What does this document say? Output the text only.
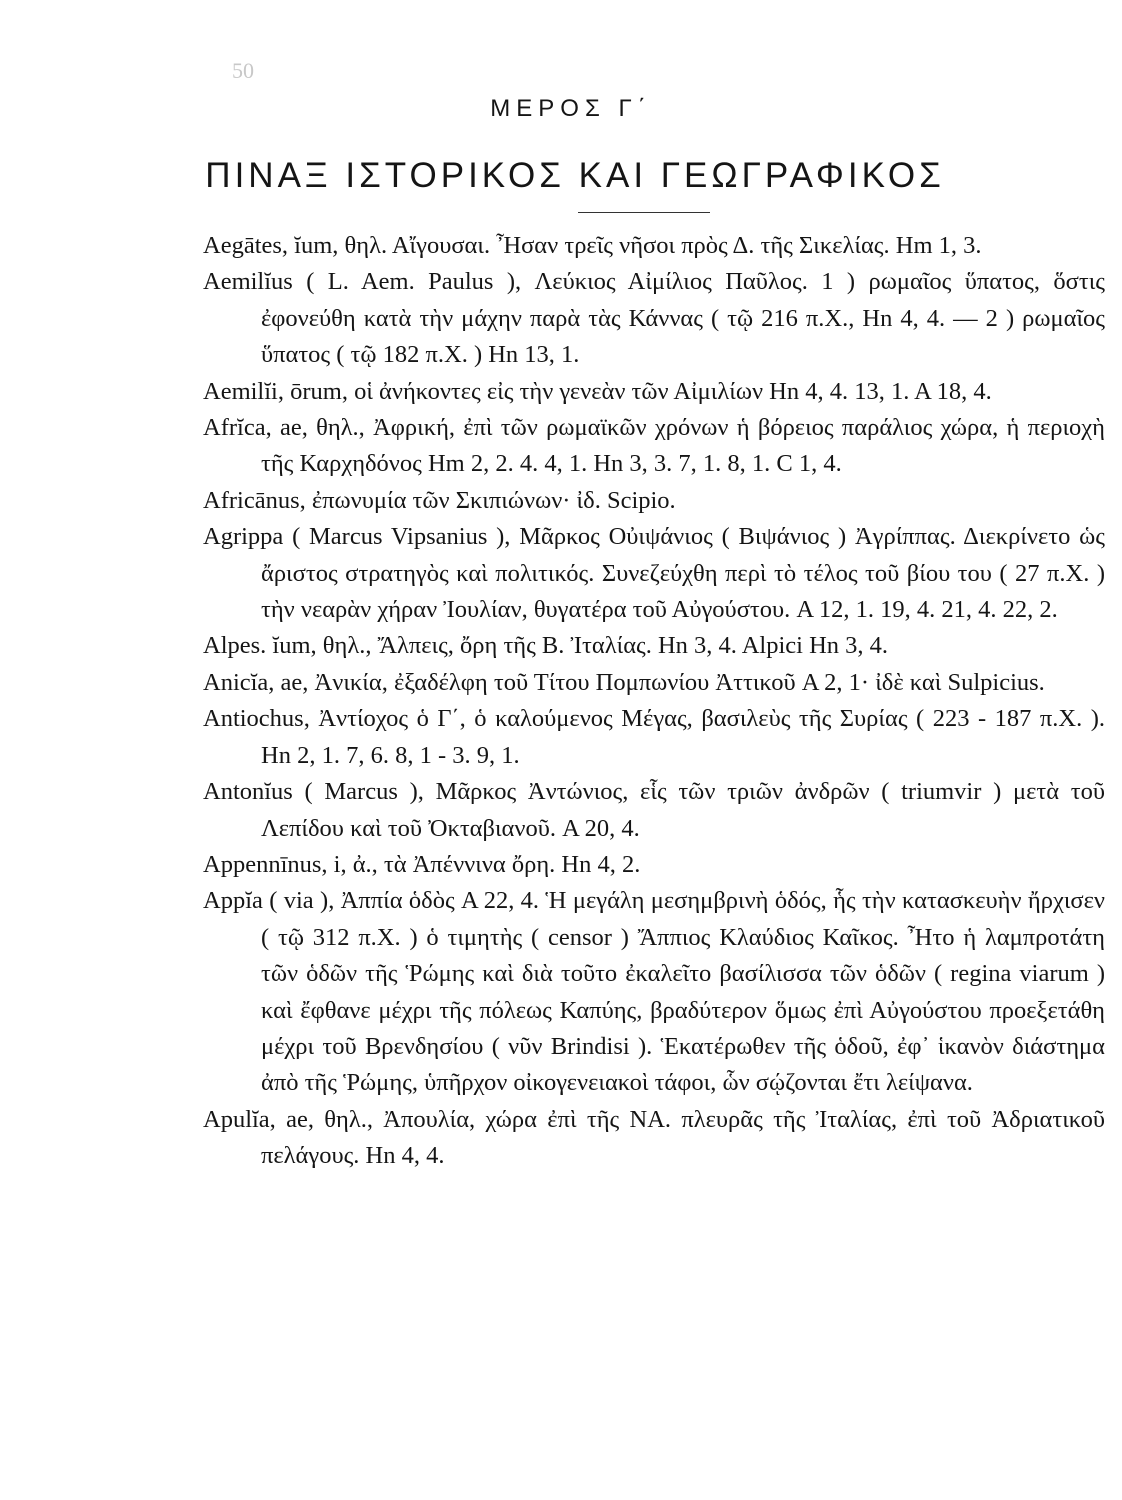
50
ΜΕΡΟΣ Γ΄
ΠΙΝΑΞ ΙΣΤΟΡΙΚΟΣ ΚΑΙ ΓΕΩΓΡΑΦΙΚΟΣ

Aegātes, ĭum, θηλ. Αἴγουσαι. Ἦσαν τρεῖς νῆσοι πρὸς Δ. τῆς Σικελίας. Hm 1, 3.

Aemilĭus ( L. Aem. Paulus ), Λεύκιος Αἰμίλιος Παῦλος. 1 ) ρωμαῖος ὕπατος, ὅστις ἐφονεύθη κατὰ τὴν μάχην παρὰ τὰς Κάννας ( τῷ 216 π.Χ., Hn 4, 4. — 2 ) ρωμαῖος ὕπατος ( τῷ 182 π.Χ. ) Hn 13, 1.

Aemilĭi, ōrum, οἱ ἀνήκοντες εἰς τὴν γενεὰν τῶν Αἰμιλίων Hn 4, 4. 13, 1. A 18, 4.

Afrĭca, ae, θηλ., Ἀφρική, ἐπὶ τῶν ρωμαϊκῶν χρόνων ἡ βόρειος παράλιος χώρα, ἡ περιοχὴ τῆς Καρχηδόνος Hm 2, 2. 4. 4, 1. Hn 3, 3. 7, 1. 8, 1. C 1, 4.

Africānus, ἐπωνυμία τῶν Σκιπιώνων· ἰδ. Scipio.

Agrippa ( Marcus Vipsanius ), Μᾶρκος Οὐιψάνιος ( Βιψάνιος ) Ἀγρίππας. Διεκρίνετο ὡς ἄριστος στρατηγὸς καὶ πολιτικός. Συνεζεύχθη περὶ τὸ τέλος τοῦ βίου του ( 27 π.Χ. ) τὴν νεαρὰν χήραν Ἰουλίαν, θυγατέρα τοῦ Αὐγούστου. A 12, 1. 19, 4. 21, 4. 22, 2.

Alpes. ĭum, θηλ., Ἄλπεις, ὄρη τῆς Β. Ἰταλίας. Hn 3, 4. Alpici Hn 3, 4.

Anicĭa, ae, Ἀνικία, ἐξαδέλφη τοῦ Τίτου Πομπωνίου Ἀττικοῦ A 2, 1· ἰδὲ καὶ Sulpicius.

Antiochus, Ἀντίοχος ὁ Γ΄, ὁ καλούμενος Μέγας, βασιλεὺς τῆς Συρίας ( 223 - 187 π.Χ. ). Hn 2, 1. 7, 6. 8, 1 - 3. 9, 1.

Antonĭus ( Marcus ), Μᾶρκος Ἀντώνιος, εἷς τῶν τριῶν ἀνδρῶν ( triumvir ) μετὰ τοῦ Λεπίδου καὶ τοῦ Ὀκταβιανοῦ. A 20, 4.

Appennīnus, i, ἀ., τὰ Ἀπέννινα ὄρη. Hn 4, 2.

Appĭa ( via ), Ἀππία ὁδὸς A 22, 4. Ἡ μεγάλη μεσημβρινὴ ὁδός, ἧς τὴν κατασκευὴν ἤρχισεν ( τῷ 312 π.Χ. ) ὁ τιμητὴς ( censor ) Ἄππιος Κλαύδιος Καῖκος. Ἦτο ἡ λαμπροτάτη τῶν ὁδῶν τῆς Ῥώμης καὶ διὰ τοῦτο ἐκαλεῖτο βασίλισσα τῶν ὁδῶν ( regina viarum ) καὶ ἔφθανε μέχρι τῆς πόλεως Καπύης, βραδύτερον ὅμως ἐπὶ Αὐγούστου προεξετάθη μέχρι τοῦ Βρενδησίου ( νῦν Brindisi ). Ἑκατέρωθεν τῆς ὁδοῦ, ἐφ᾽ ἱκανὸν διάστημα ἀπὸ τῆς Ῥώμης, ὑπῆρχον οἰκογενειακοὶ τάφοι, ὧν σῴζονται ἔτι λείψανα.

Apulĭa, ae, θηλ., Ἀπουλία, χώρα ἐπὶ τῆς ΝΑ. πλευρᾶς τῆς Ἰταλίας, ἐπὶ τοῦ Ἀδριατικοῦ πελάγους. Hn 4, 4.
